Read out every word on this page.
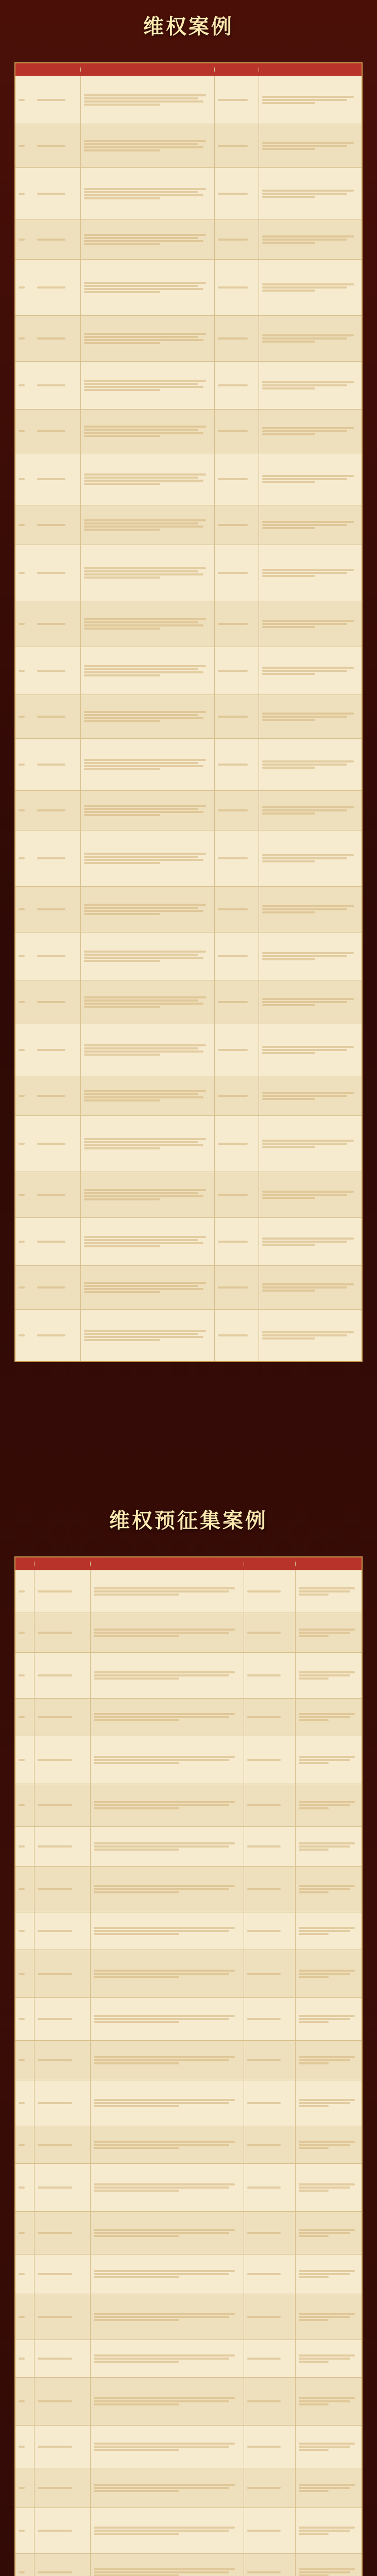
维权案例
维权预征集案例
